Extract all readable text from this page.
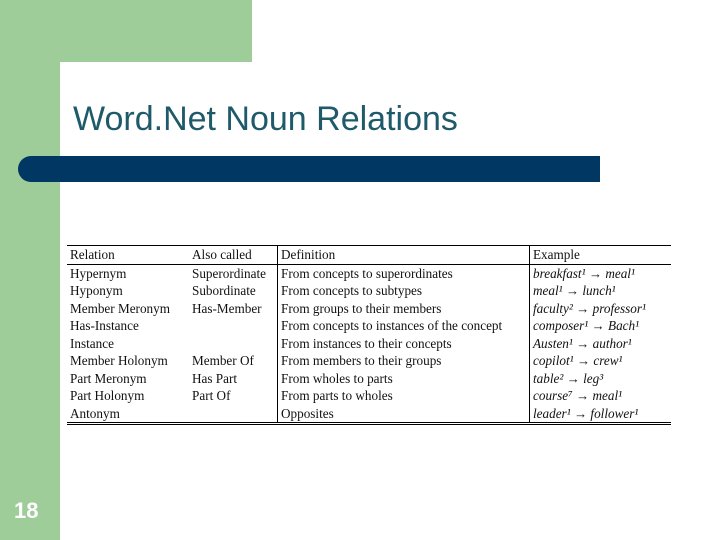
Word.Net Noun Relations
Relation	Also called	Definition	Example
Hypernym	Superordinate	From concepts to superordinates	breakfast¹ → meal¹
Hyponym	Subordinate	From concepts to subtypes	meal¹ → lunch¹
Member Meronym	Has-Member	From groups to their members	faculty² → professor¹
Has-Instance		From concepts to instances of the concept	composer¹ → Bach¹
Instance		From instances to their concepts	Austen¹ → author¹
Member Holonym	Member Of	From members to their groups	copilot¹ → crew¹
Part Meronym	Has Part	From wholes to parts	table² → leg³
Part Holonym	Part Of	From parts to wholes	course⁷ → meal¹
Antonym		Opposites	leader¹ → follower¹
18
